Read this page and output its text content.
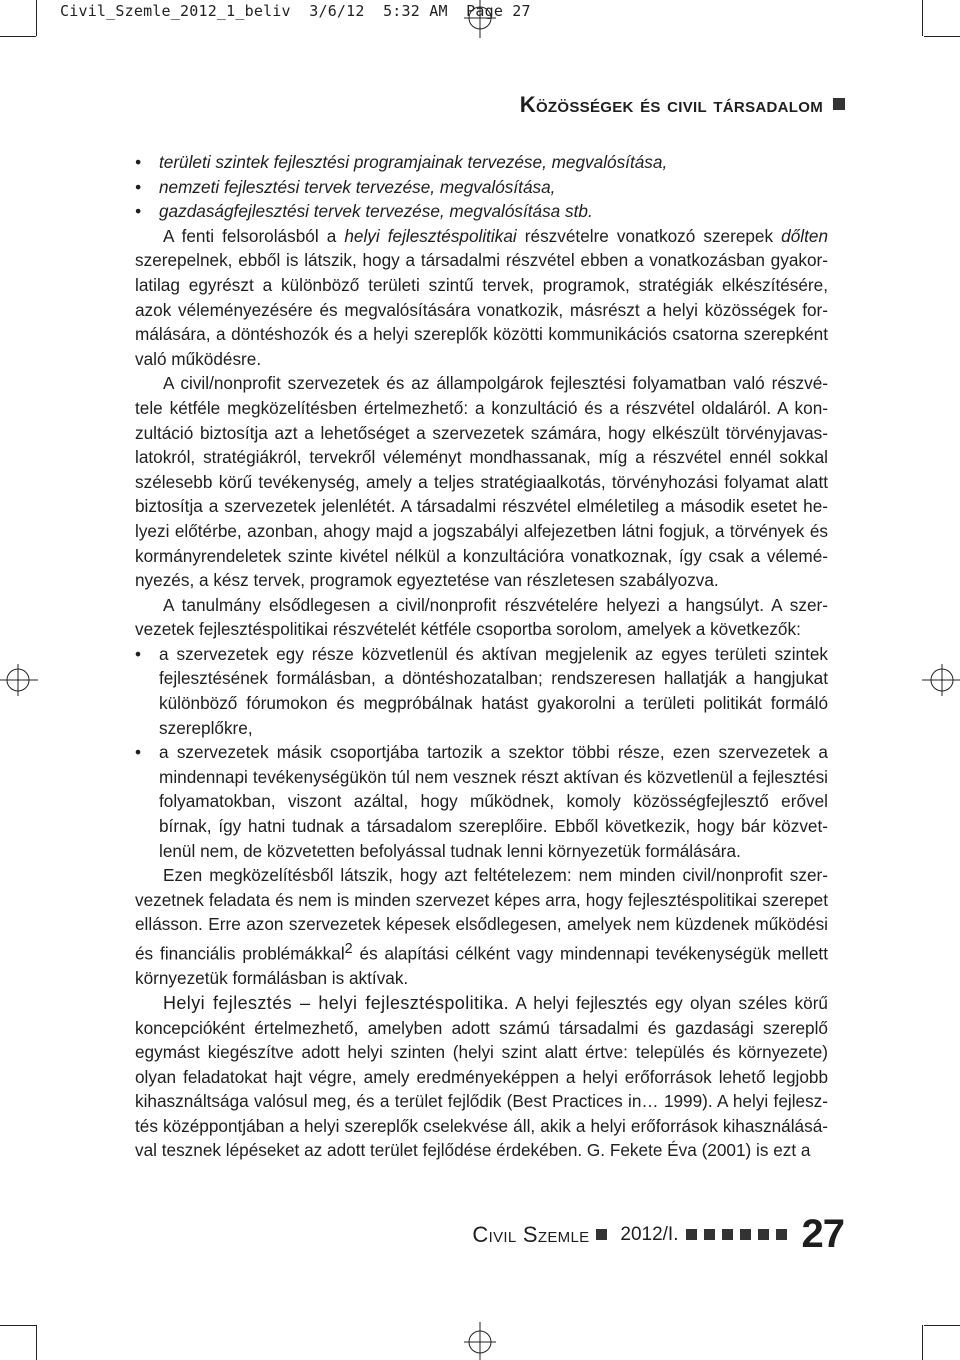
Civil_Szemle_2012_1_beliv  3/6/12  5:32 AM  Page 27
Közösségek és civil társadalom
• területi szintek fejlesztési programjainak tervezése, megvalósítása,
• nemzeti fejlesztési tervek tervezése, megvalósítása,
• gazdaságfejlesztési tervek tervezése, megvalósítása stb.

A fenti felsorolásból a helyi fejlesztéspolitikai részvételre vonatkozó szerepek dőlten szerepelnek, ebből is látszik, hogy a társadalmi részvétel ebben a vonatkozásban gyakorlatilag egyrészt a különböző területi szintű tervek, programok, stratégiák elkészítésére, azok véleményezésére és megvalósítására vonatkozik, másrészt a helyi közösségek formálására, a döntéshozók és a helyi szereplők közötti kommunikációs csatorna szerepként való működésre.

A civil/nonprofit szervezetek és az állampolgárok fejlesztési folyamatban való részvétele kétféle megközelítésben értelmezhető: a konzultáció és a részvétel oldaláról. A konzultáció biztosítja azt a lehetőséget a szervezetek számára, hogy elkészült törvényjavaslatokról, stratégiákról, tervekről véleményt mondhassanak, míg a részvétel ennél sokkal szélesebb körű tevékenység, amely a teljes stratégiaalkotás, törvényhozási folyamat alatt biztosítja a szervezetek jelenlétét. A társadalmi részvétel elméletileg a második esetet helyezi előtérbe, azonban, ahogy majd a jogszabályi alfejezetben látni fogjuk, a törvények és kormányrendeletek szinte kivétel nélkül a konzultációra vonatkoznak, így csak a véleményezés, a kész tervek, programok egyeztetése van részletesen szabályozva.

A tanulmány elsődlegesen a civil/nonprofit részvételére helyezi a hangsúlyt. A szervezetek fejlesztéspolitikai részvételét kétféle csoportba sorolom, amelyek a következők:

• a szervezetek egy része közvetlenül és aktívan megjelenik az egyes területi szintek fejlesztésének formálásban, a döntéshozatalban; rendszeresen hallatják a hangjukat különböző fórumokon és megpróbálnak hatást gyakorolni a területi politikát formáló szereplőkre,
• a szervezetek másik csoportjába tartozik a szektor többi része, ezen szervezetek a mindennapi tevékenységükön túl nem vesznek részt aktívan és közvetlenül a fejlesztési folyamatokban, viszont azáltal, hogy működnek, komoly közösségfejlesztő erővel bírnak, így hatni tudnak a társadalom szereplőire. Ebből következik, hogy bár közvetlenül nem, de közvetetten befolyással tudnak lenni környezetük formálására.

Ezen megközelítésből látszik, hogy azt feltételezem: nem minden civil/nonprofit szervezetnek feladata és nem is minden szervezet képes arra, hogy fejlesztéspolitikai szerepet ellásson. Erre azon szervezetek képesek elsődlegesen, amelyek nem küzdenek működési és financiális problémákkal$^2$ és alapítási célként vagy mindennapi tevékenységük mellett környezetük formálásban is aktívak.

Helyi fejlesztés – helyi fejlesztéspolitika. A helyi fejlesztés egy olyan széles körű koncepcióként értelmezhető, amelyben adott számú társadalmi és gazdasági szereplő egymást kiegészítve adott helyi szinten (helyi szint alatt értve: település és környezete) olyan feladatokat hajt végre, amely eredményeképpen a helyi erőforrások lehető legjobb kihasználtsága valósul meg, és a terület fejlődik (Best Practices in… 1999). A helyi fejlesztés középpontjában a helyi szereplők cselekvése áll, akik a helyi erőforrások kihasználásával tesznek lépéseket az adott terület fejlődése érdekében. G. Fekete Éva (2001) is ezt a

Civil Szemle 2012/I.	27
